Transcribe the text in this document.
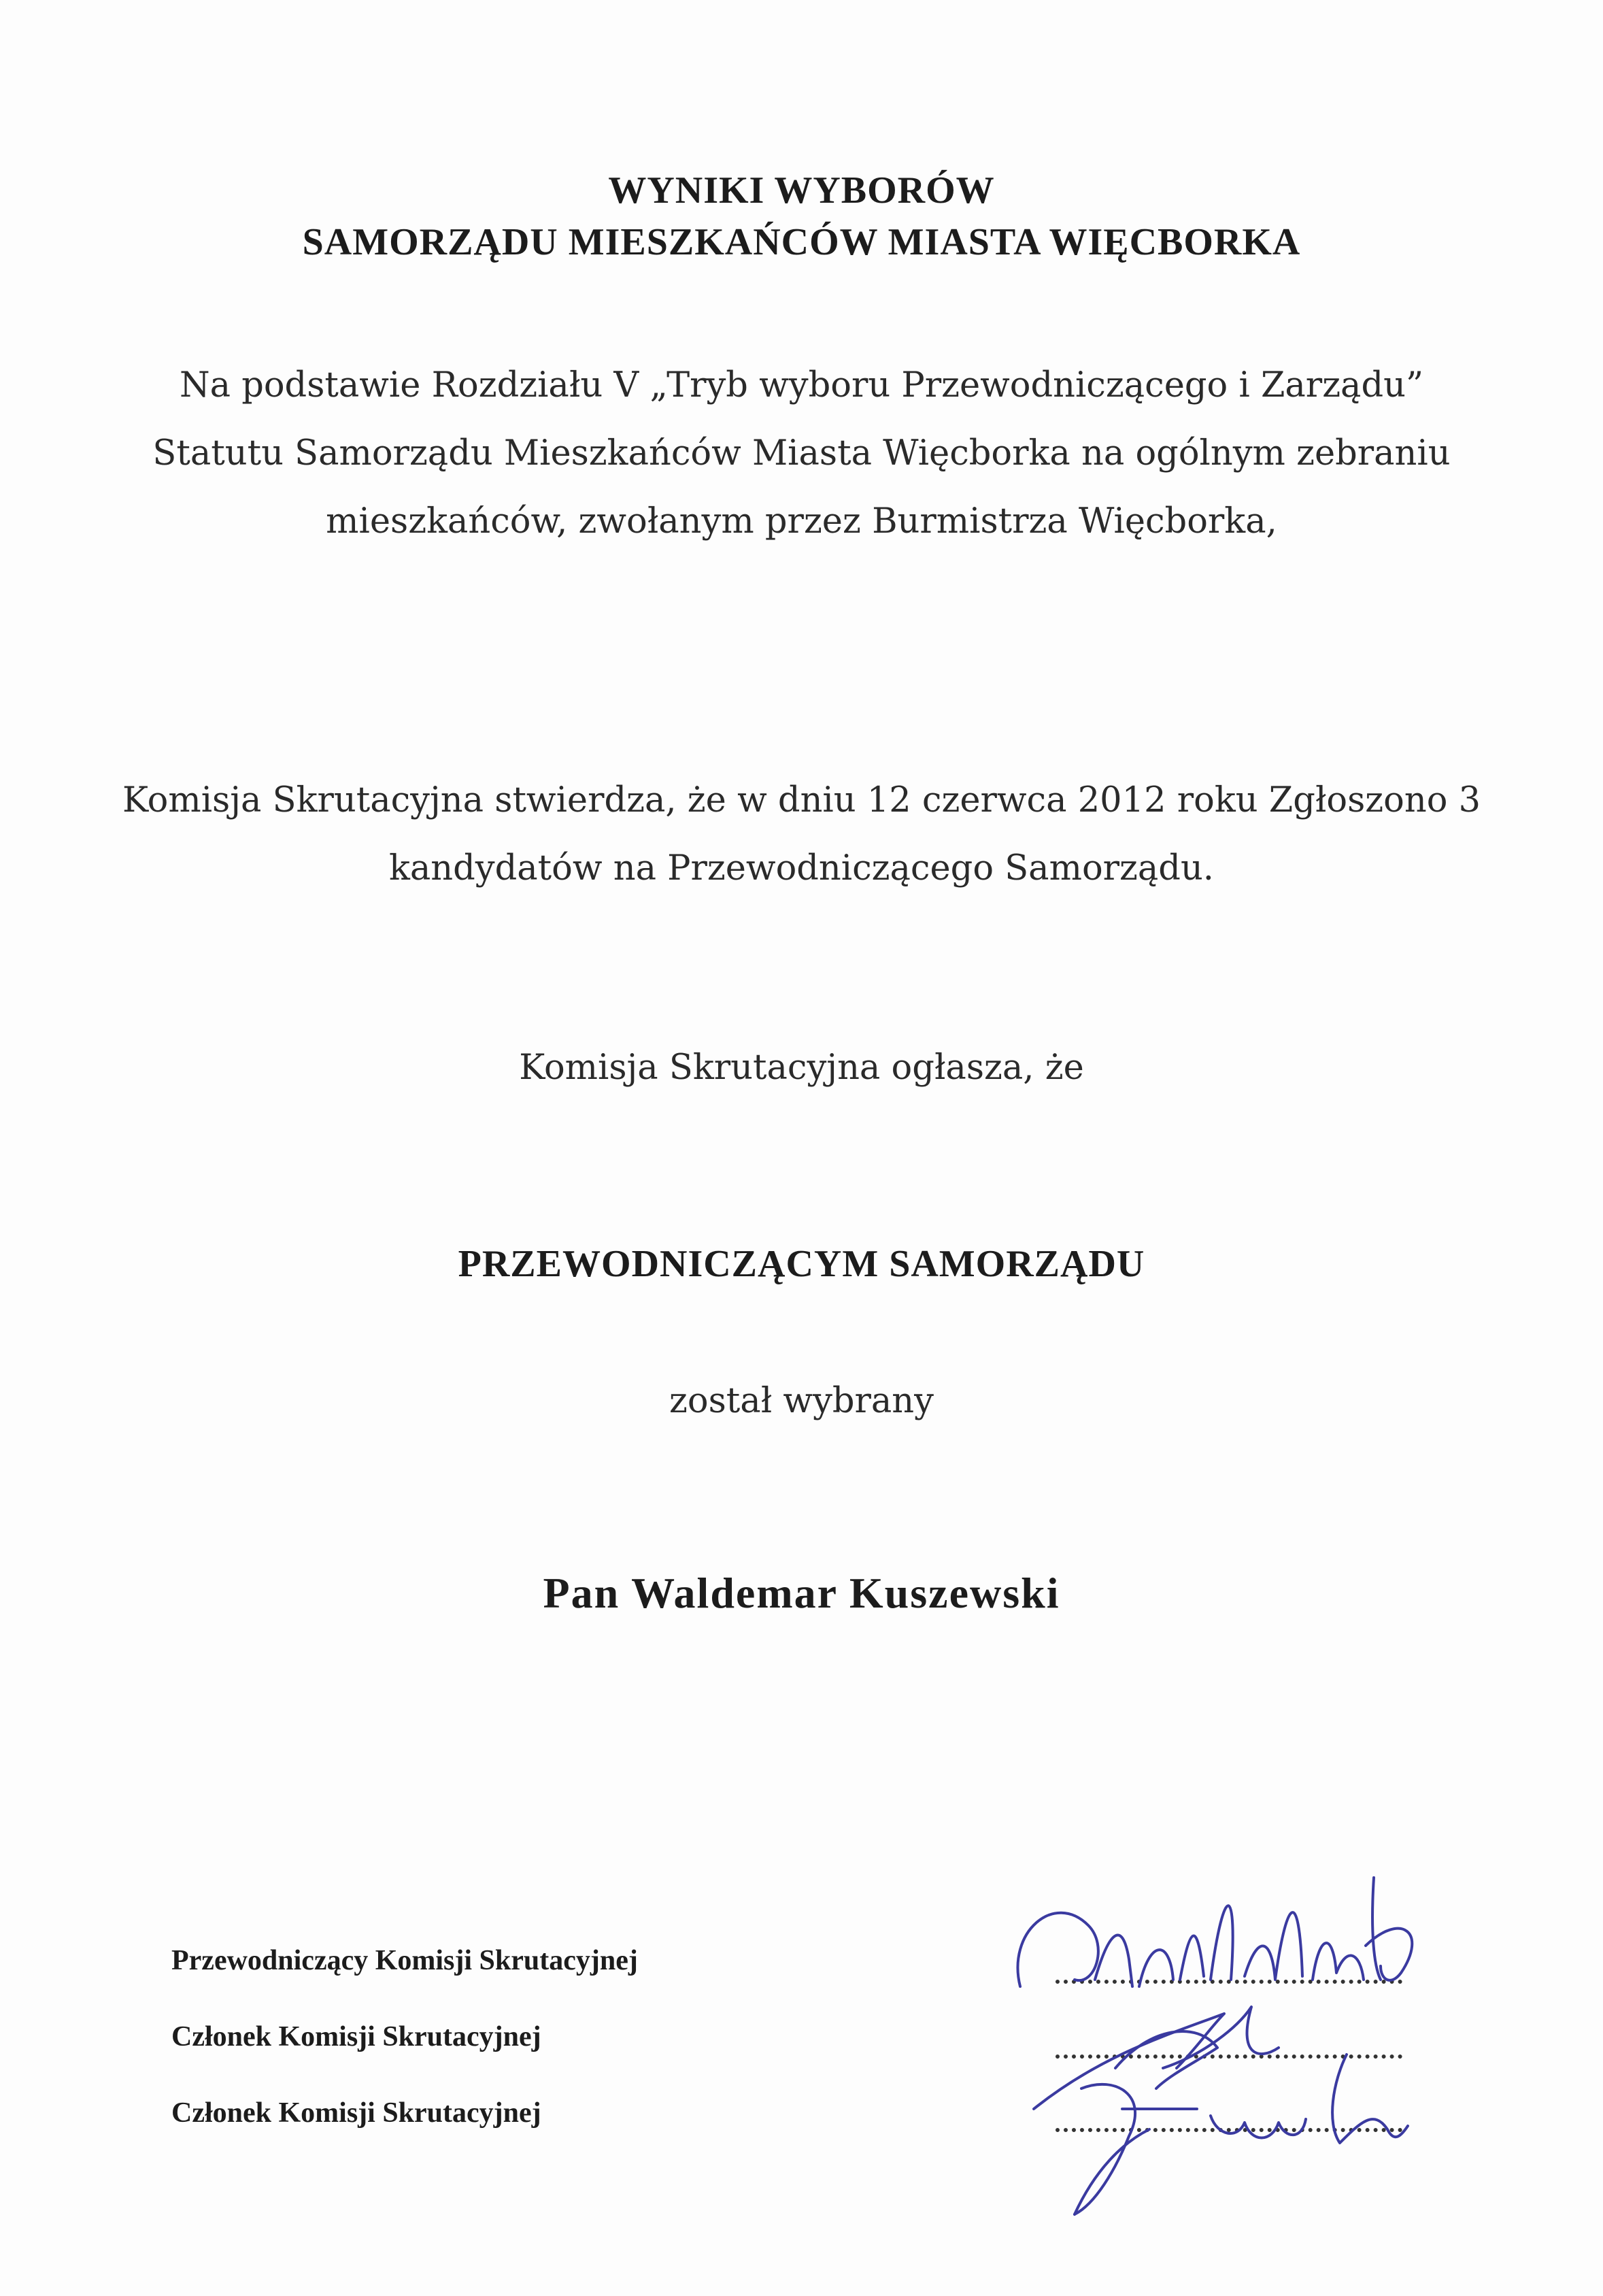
WYNIKI WYBORÓW
SAMORZĄDU MIESZKAŃCÓW MIASTA WIĘCBORKA
Na podstawie Rozdziału V „Tryb wyboru Przewodniczącego i Zarządu” Statutu Samorządu Mieszkańców Miasta Więcborka na ogólnym zebraniu mieszkańców, zwołanym przez Burmistrza Więcborka,
Komisja Skrutacyjna stwierdza, że w dniu 12 czerwca 2012 roku Zgłoszono 3 kandydatów na Przewodniczącego Samorządu.
Komisja Skrutacyjna ogłasza, że
PRZEWODNICZĄCYM SAMORZĄDU
został wybrany
Pan Waldemar Kuszewski
Przewodniczący Komisji Skrutacyjnej
Członek Komisji Skrutacyjnej
Członek Komisji Skrutacyjnej
